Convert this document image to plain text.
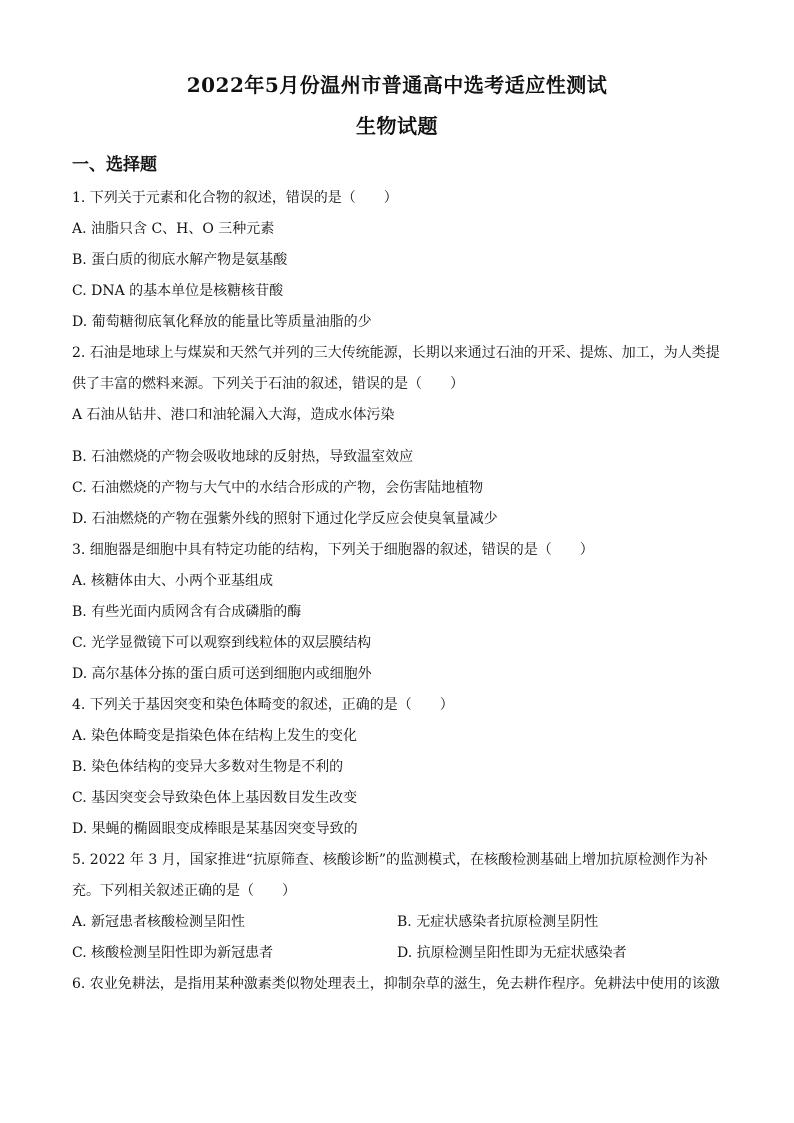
2022年5月份温州市普通高中选考适应性测试
生物试题
一、选择题
1. 下列关于元素和化合物的叙述，错误的是（　　）
A. 油脂只含 C、H、O 三种元素
B. 蛋白质的彻底水解产物是氨基酸
C. DNA 的基本单位是核糖核苷酸
D. 葡萄糖彻底氧化释放的能量比等质量油脂的少
2. 石油是地球上与煤炭和天然气并列的三大传统能源，长期以来通过石油的开采、提炼、加工，为人类提
供了丰富的燃料来源。下列关于石油的叙述，错误的是（　　）
A 石油从钻井、港口和油轮漏入大海，造成水体污染
B. 石油燃烧的产物会吸收地球的反射热，导致温室效应
C. 石油燃烧的产物与大气中的水结合形成的产物，会伤害陆地植物
D. 石油燃烧的产物在强紫外线的照射下通过化学反应会使臭氧量减少
3. 细胞器是细胞中具有特定功能的结构，下列关于细胞器的叙述，错误的是（　　）
A. 核糖体由大、小两个亚基组成
B. 有些光面内质网含有合成磷脂的酶
C. 光学显微镜下可以观察到线粒体的双层膜结构
D. 高尔基体分拣的蛋白质可送到细胞内或细胞外
4. 下列关于基因突变和染色体畸变的叙述，正确的是（　　）
A. 染色体畸变是指染色体在结构上发生的变化
B. 染色体结构的变异大多数对生物是不利的
C. 基因突变会导致染色体上基因数目发生改变
D. 果蝇的椭圆眼变成棒眼是某基因突变导致的
5. 2022 年 3 月，国家推进“抗原筛查、核酸诊断”的监测模式，在核酸检测基础上增加抗原检测作为补
充。下列相关叙述正确的是（　　）
A. 新冠患者核酸检测呈阳性	B. 无症状感染者抗原检测呈阴性
C. 核酸检测呈阳性即为新冠患者	D. 抗原检测呈阳性即为无症状感染者
6. 农业免耕法，是指用某种激素类似物处理表土，抑制杂草的滋生，免去耕作程序。免耕法中使用的该激
